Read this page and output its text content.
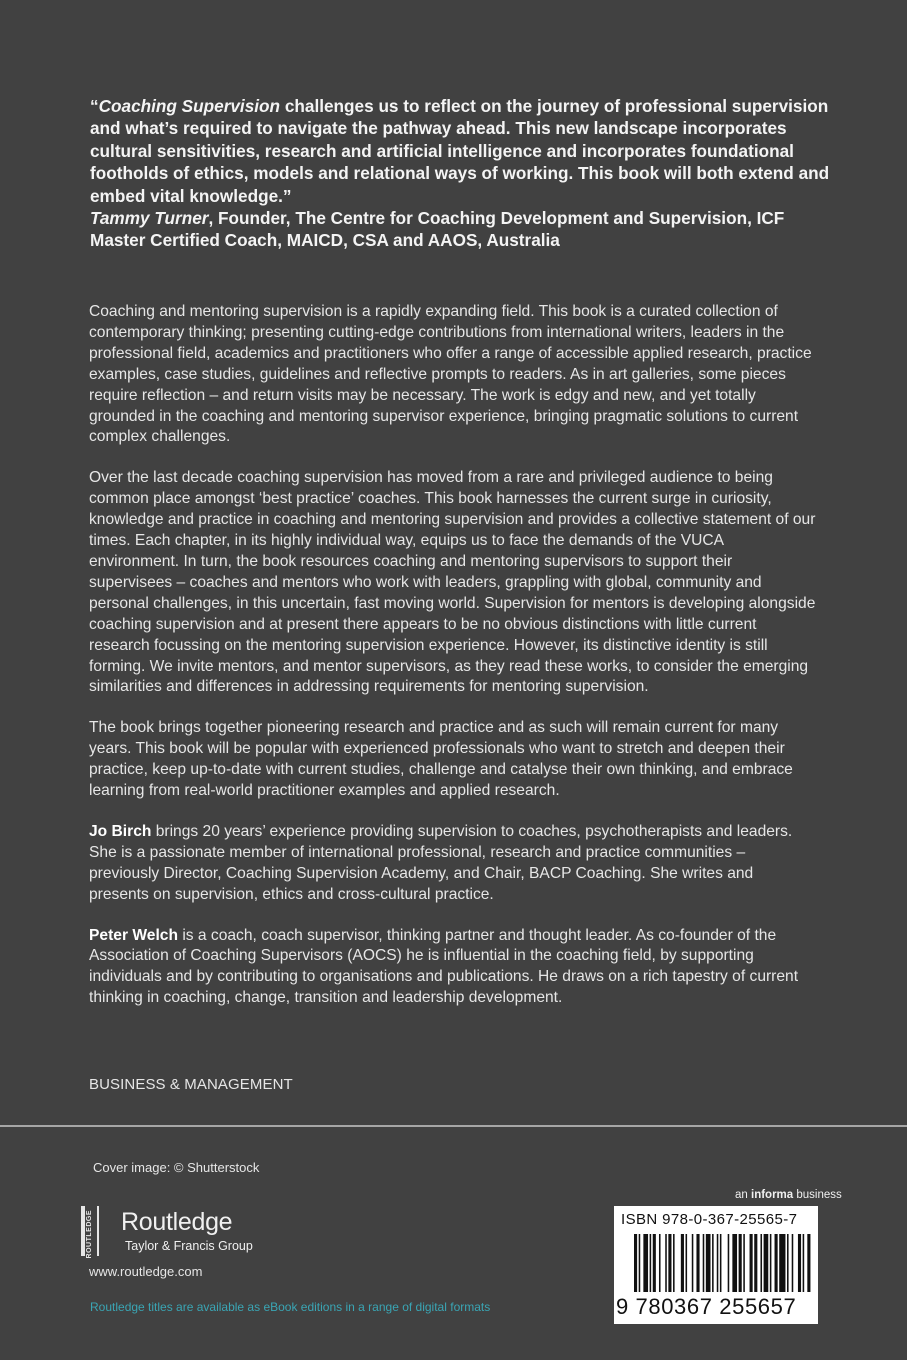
“Coaching Supervision challenges us to reflect on the journey of professional supervision and what’s required to navigate the pathway ahead. This new landscape incorporates cultural sensitivities, research and artificial intelligence and incorporates foundational footholds of ethics, models and relational ways of working. This book will both extend and embed vital knowledge.”
Tammy Turner, Founder, The Centre for Coaching Development and Supervision, ICF Master Certified Coach, MAICD, CSA and AAOS, Australia

Coaching and mentoring supervision is a rapidly expanding field. This book is a curated collection of contemporary thinking; presenting cutting-edge contributions from international writers, leaders in the professional field, academics and practitioners who offer a range of accessible applied research, practice examples, case studies, guidelines and reflective prompts to readers. As in art galleries, some pieces require reflection – and return visits may be necessary. The work is edgy and new, and yet totally grounded in the coaching and mentoring supervisor experience, bringing pragmatic solutions to current complex challenges.

Over the last decade coaching supervision has moved from a rare and privileged audience to being common place amongst ‘best practice’ coaches. This book harnesses the current surge in curiosity, knowledge and practice in coaching and mentoring supervision and provides a collective statement of our times. Each chapter, in its highly individual way, equips us to face the demands of the VUCA environment. In turn, the book resources coaching and mentoring supervisors to support their supervisees – coaches and mentors who work with leaders, grappling with global, community and personal challenges, in this uncertain, fast moving world. Supervision for mentors is developing alongside coaching supervision and at present there appears to be no obvious distinctions with little current research focussing on the mentoring supervision experience. However, its distinctive identity is still forming. We invite mentors, and mentor supervisors, as they read these works, to consider the emerging similarities and differences in addressing requirements for mentoring supervision.

The book brings together pioneering research and practice and as such will remain current for many years. This book will be popular with experienced professionals who want to stretch and deepen their practice, keep up-to-date with current studies, challenge and catalyse their own thinking, and embrace learning from real-world practitioner examples and applied research.

Jo Birch brings 20 years’ experience providing supervision to coaches, psychotherapists and leaders. She is a passionate member of international professional, research and practice communities – previously Director, Coaching Supervision Academy, and Chair, BACP Coaching. She writes and presents on supervision, ethics and cross-cultural practice.

Peter Welch is a coach, coach supervisor, thinking partner and thought leader. As co-founder of the Association of Coaching Supervisors (AOCS) he is influential in the coaching field, by supporting individuals and by contributing to organisations and publications. He draws on a rich tapestry of current thinking in coaching, change, transition and leadership development.

BUSINESS & MANAGEMENT
Cover image: © Shutterstock
ROUTLEDGE Routledge
Taylor & Francis Group
www.routledge.com
Routledge titles are available as eBook editions in a range of digital formats
an informa business
ISBN 978-0-367-25565-7
9 780367 255657
